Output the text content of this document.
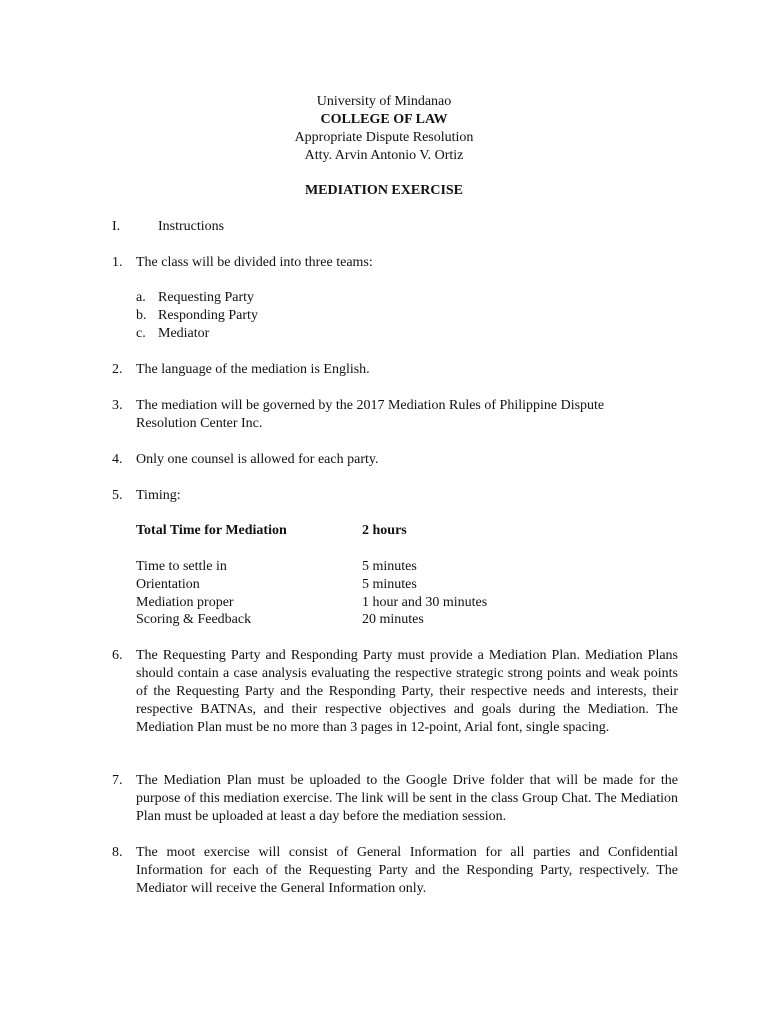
University of Mindanao
COLLEGE OF LAW
Appropriate Dispute Resolution
Atty. Arvin Antonio V. Ortiz
MEDIATION EXERCISE
I.	Instructions
1. The class will be divided into three teams:
a. Requesting Party
b. Responding Party
c. Mediator
2. The language of the mediation is English.
3. The mediation will be governed by the 2017 Mediation Rules of Philippine Dispute Resolution Center Inc.
4. Only one counsel is allowed for each party.
5. Timing:
Total Time for Mediation	2 hours
Time to settle in	5 minutes
Orientation	5 minutes
Mediation proper	1 hour and 30 minutes
Scoring & Feedback	20 minutes
6. The Requesting Party and Responding Party must provide a Mediation Plan. Mediation Plans should contain a case analysis evaluating the respective strategic strong points and weak points of the Requesting Party and the Responding Party, their respective needs and interests, their respective BATNAs, and their respective objectives and goals during the Mediation. The Mediation Plan must be no more than 3 pages in 12-point, Arial font, single spacing.
7. The Mediation Plan must be uploaded to the Google Drive folder that will be made for the purpose of this mediation exercise. The link will be sent in the class Group Chat. The Mediation Plan must be uploaded at least a day before the mediation session.
8. The moot exercise will consist of General Information for all parties and Confidential Information for each of the Requesting Party and the Responding Party, respectively. The Mediator will receive the General Information only.
